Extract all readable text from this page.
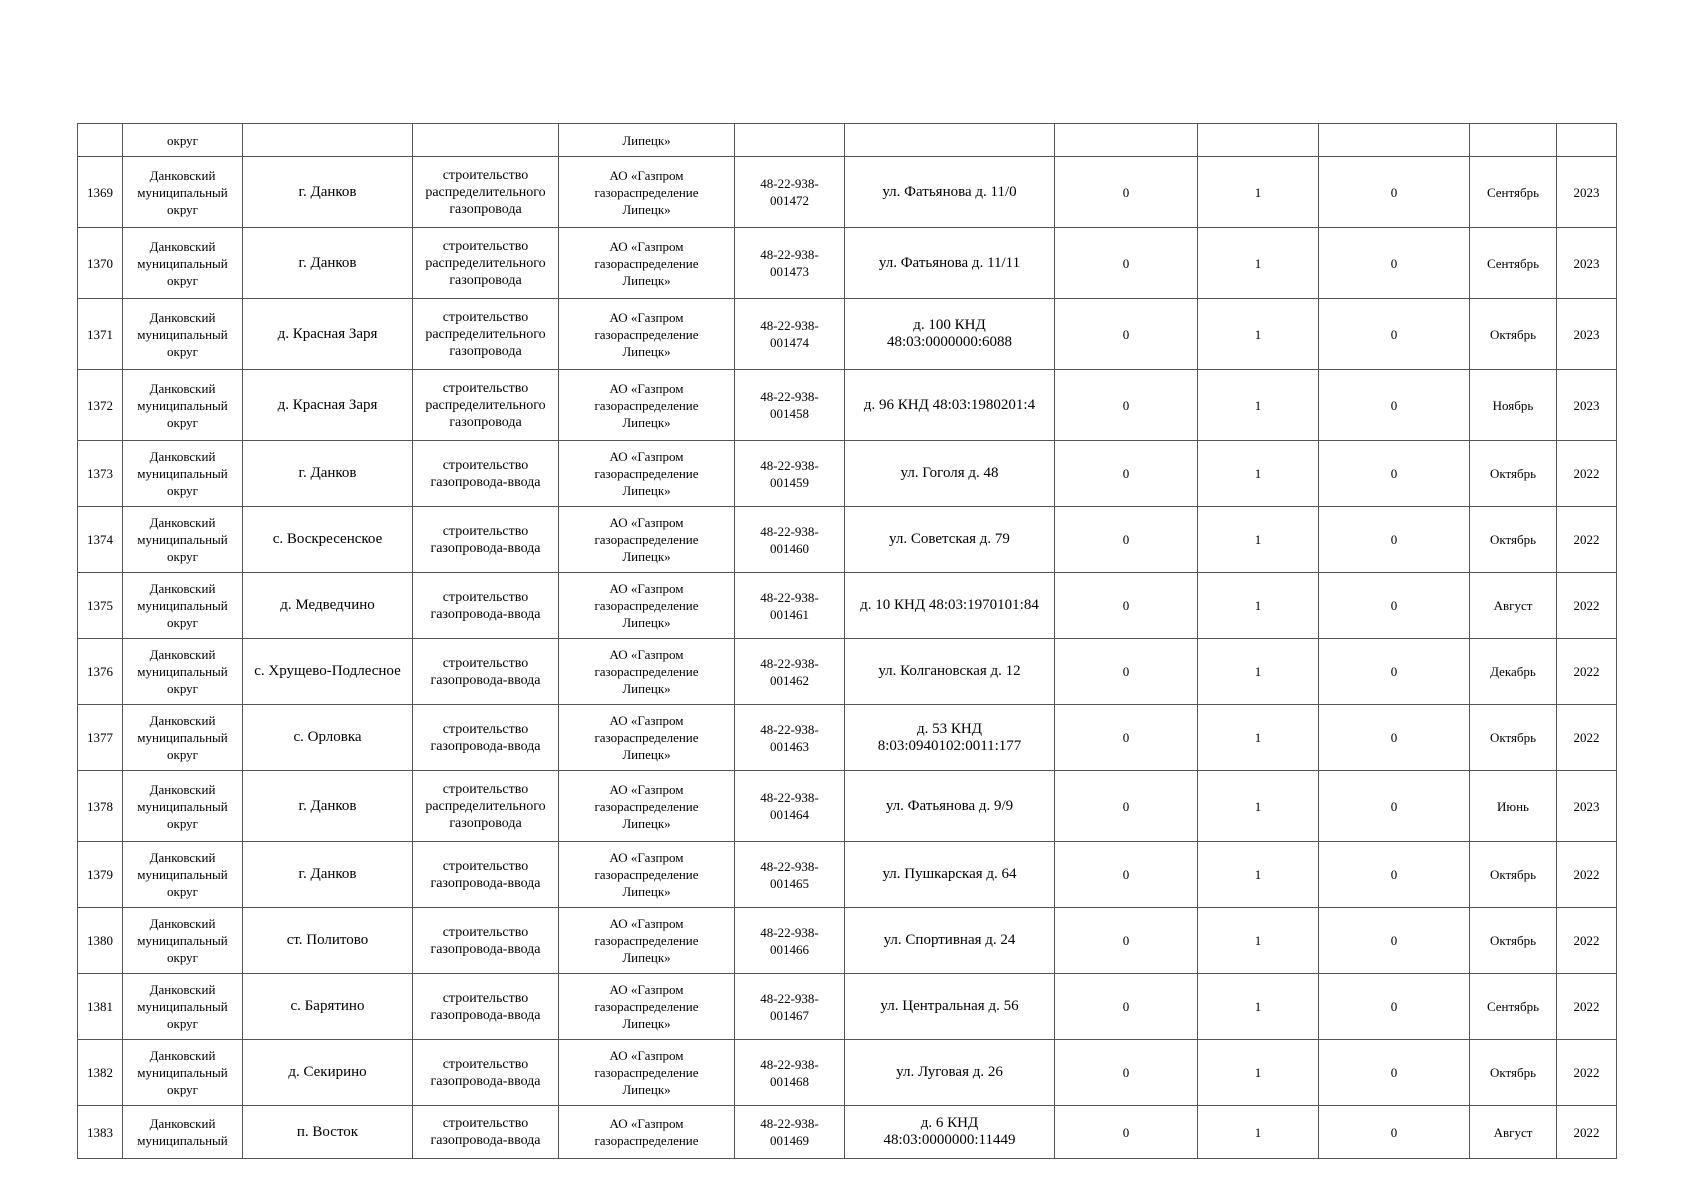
	округ			Липецк»							

1369	Данковский
муниципальный
округ	г. Данков	строительство
распределительного
газопровода	АО «Газпром
газораспределение
Липецк»	48-22-938-
001472	ул. Фатьянова д. 11/0	0	1	0	Сентябрь	2023

1370	Данковский
муниципальный
округ	г. Данков	строительство
распределительного
газопровода	АО «Газпром
газораспределение
Липецк»	48-22-938-
001473	ул. Фатьянова д. 11/11	0	1	0	Сентябрь	2023

1371	Данковский
муниципальный
округ	д. Красная Заря	строительство
распределительного
газопровода	АО «Газпром
газораспределение
Липецк»	48-22-938-
001474	д. 100 КНД
48:03:0000000:6088	0	1	0	Октябрь	2023

1372	Данковский
муниципальный
округ	д. Красная Заря	строительство
распределительного
газопровода	АО «Газпром
газораспределение
Липецк»	48-22-938-
001458	д. 96 КНД 48:03:1980201:4	0	1	0	Ноябрь	2023

1373	Данковский
муниципальный
округ	г. Данков	строительство
газопровода-ввода	АО «Газпром
газораспределение
Липецк»	48-22-938-
001459	ул. Гоголя д. 48	0	1	0	Октябрь	2022

1374	Данковский
муниципальный
округ	с. Воскресенское	строительство
газопровода-ввода	АО «Газпром
газораспределение
Липецк»	48-22-938-
001460	ул. Советская д. 79	0	1	0	Октябрь	2022

1375	Данковский
муниципальный
округ	д. Медведчино	строительство
газопровода-ввода	АО «Газпром
газораспределение
Липецк»	48-22-938-
001461	д. 10 КНД 48:03:1970101:84	0	1	0	Август	2022

1376	Данковский
муниципальный
округ	с. Хрущево-Подлесное	строительство
газопровода-ввода	АО «Газпром
газораспределение
Липецк»	48-22-938-
001462	ул. Колгановская д. 12	0	1	0	Декабрь	2022

1377	Данковский
муниципальный
округ	с. Орловка	строительство
газопровода-ввода	АО «Газпром
газораспределение
Липецк»	48-22-938-
001463	д. 53 КНД
8:03:0940102:0011:177	0	1	0	Октябрь	2022

1378	Данковский
муниципальный
округ	г. Данков	строительство
распределительного
газопровода	АО «Газпром
газораспределение
Липецк»	48-22-938-
001464	ул. Фатьянова д. 9/9	0	1	0	Июнь	2023

1379	Данковский
муниципальный
округ	г. Данков	строительство
газопровода-ввода	АО «Газпром
газораспределение
Липецк»	48-22-938-
001465	ул. Пушкарская д. 64	0	1	0	Октябрь	2022

1380	Данковский
муниципальный
округ	ст. Политово	строительство
газопровода-ввода	АО «Газпром
газораспределение
Липецк»	48-22-938-
001466	ул. Спортивная д. 24	0	1	0	Октябрь	2022

1381	Данковский
муниципальный
округ	с. Барятино	строительство
газопровода-ввода	АО «Газпром
газораспределение
Липецк»	48-22-938-
001467	ул. Центральная д. 56	0	1	0	Сентябрь	2022

1382	Данковский
муниципальный
округ	д. Секирино	строительство
газопровода-ввода	АО «Газпром
газораспределение
Липецк»	48-22-938-
001468	ул. Луговая д. 26	0	1	0	Октябрь	2022

1383	Данковский
муниципальный	п. Восток	строительство
газопровода-ввода	АО «Газпром
газораспределение	48-22-938-
001469	д. 6 КНД
48:03:0000000:11449	0	1	0	Август	2022
